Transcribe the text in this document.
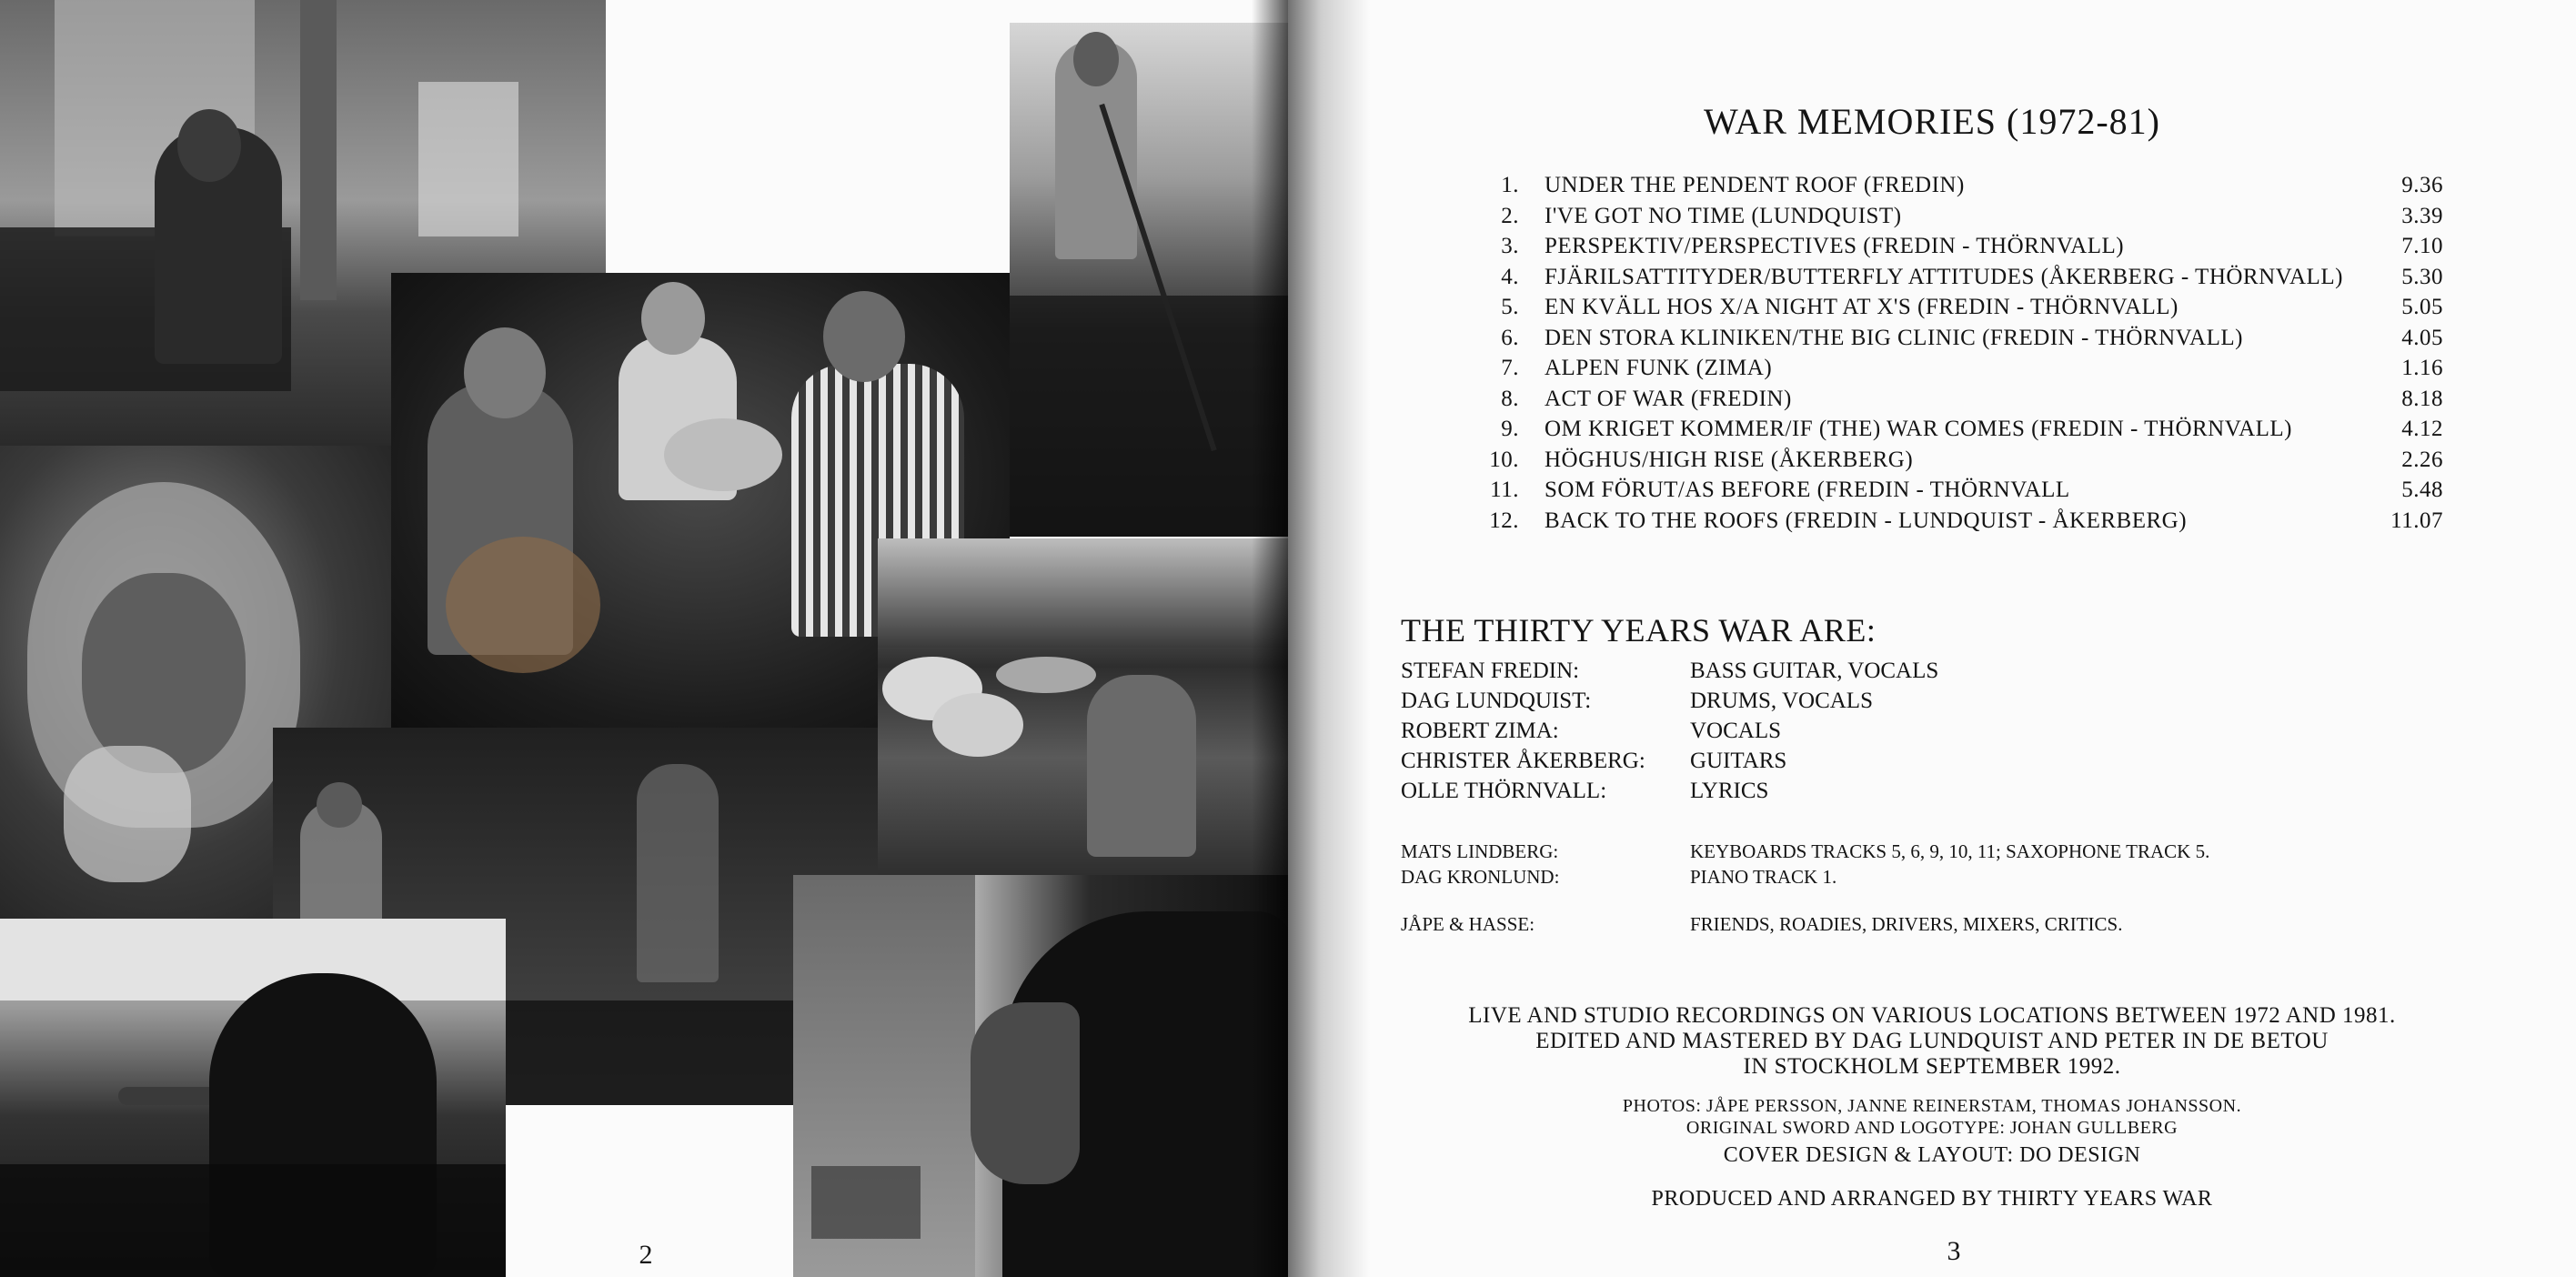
2
WAR MEMORIES (1972-81)
1. UNDER THE PENDENT ROOF (FREDIN)	9.36
2. I'VE GOT NO TIME (LUNDQUIST)	3.39
3. PERSPEKTIV/PERSPECTIVES (FREDIN - THÖRNVALL)	7.10
4. FJÄRILSATTITYDER/BUTTERFLY ATTITUDES (ÅKERBERG - THÖRNVALL)	5.30
5. EN KVÄLL HOS X/A NIGHT AT X'S (FREDIN - THÖRNVALL)	5.05
6. DEN STORA KLINIKEN/THE BIG CLINIC (FREDIN - THÖRNVALL)	4.05
7. ALPEN FUNK (ZIMA)	1.16
8. ACT OF WAR (FREDIN)	8.18
9. OM KRIGET KOMMER/IF (THE) WAR COMES (FREDIN - THÖRNVALL)	4.12
10. HÖGHUS/HIGH RISE (ÅKERBERG)	2.26
11. SOM FÖRUT/AS BEFORE (FREDIN - THÖRNVALL	5.48
12. BACK TO THE ROOFS (FREDIN - LUNDQUIST - ÅKERBERG)	11.07
THE THIRTY YEARS WAR ARE:
STEFAN FREDIN:	BASS GUITAR, VOCALS
DAG LUNDQUIST:	DRUMS, VOCALS
ROBERT ZIMA:	VOCALS
CHRISTER ÅKERBERG: GUITARS
OLLE THÖRNVALL:	LYRICS
MATS LINDBERG:	KEYBOARDS TRACKS 5, 6, 9, 10, 11; SAXOPHONE TRACK 5.
DAG KRONLUND:	PIANO TRACK 1.
JÅPE & HASSE:	FRIENDS, ROADIES, DRIVERS, MIXERS, CRITICS.
LIVE AND STUDIO RECORDINGS ON VARIOUS LOCATIONS BETWEEN 1972 AND 1981.
EDITED AND MASTERED BY DAG LUNDQUIST AND PETER IN DE BETOU
IN STOCKHOLM SEPTEMBER 1992.
PHOTOS: JÅPE PERSSON, JANNE REINERSTAM, THOMAS JOHANSSON.
ORIGINAL SWORD AND LOGOTYPE: JOHAN GULLBERG
COVER DESIGN & LAYOUT: DO DESIGN
PRODUCED AND ARRANGED BY THIRTY YEARS WAR
3
